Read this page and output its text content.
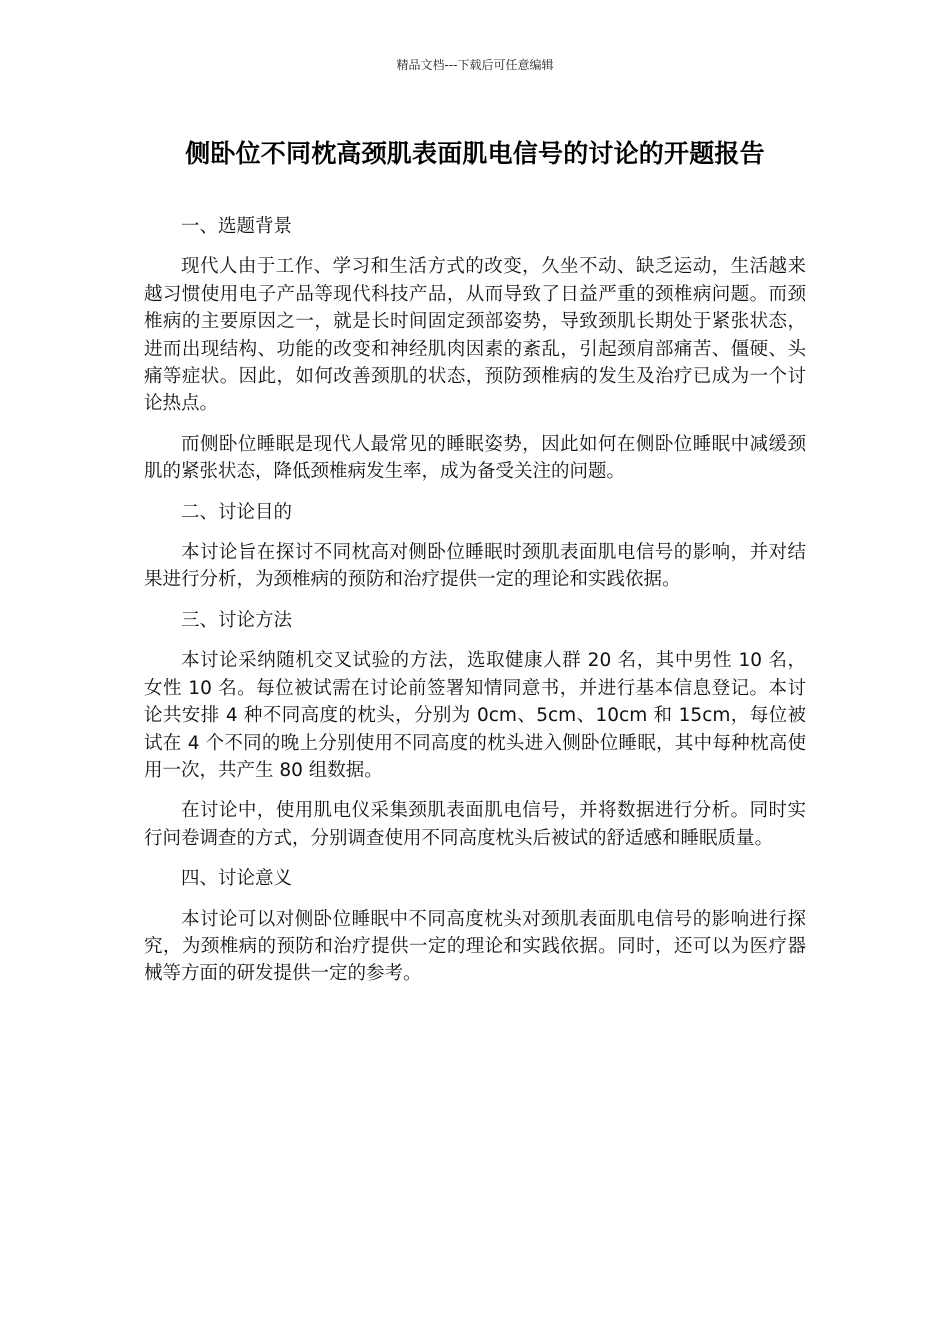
精品文档---下载后可任意编辑
侧卧位不同枕高颈肌表面肌电信号的讨论的开题报告
一、选题背景

现代人由于工作、学习和生活方式的改变，久坐不动、缺乏运动，生活越来越习惯使用电子产品等现代科技产品，从而导致了日益严重的颈椎病问题。而颈椎病的主要原因之一，就是长时间固定颈部姿势，导致颈肌长期处于紧张状态，进而出现结构、功能的改变和神经肌肉因素的紊乱，引起颈肩部痛苦、僵硬、头痛等症状。因此，如何改善颈肌的状态，预防颈椎病的发生及治疗已成为一个讨论热点。

而侧卧位睡眠是现代人最常见的睡眠姿势，因此如何在侧卧位睡眠中减缓颈肌的紧张状态，降低颈椎病发生率，成为备受关注的问题。

二、讨论目的

本讨论旨在探讨不同枕高对侧卧位睡眠时颈肌表面肌电信号的影响，并对结果进行分析，为颈椎病的预防和治疗提供一定的理论和实践依据。

三、讨论方法

本讨论采纳随机交叉试验的方法，选取健康人群 20 名，其中男性 10 名，女性 10 名。每位被试需在讨论前签署知情同意书，并进行基本信息登记。本讨论共安排 4 种不同高度的枕头，分别为 0cm、5cm、10cm 和 15cm，每位被试在 4 个不同的晚上分别使用不同高度的枕头进入侧卧位睡眠，其中每种枕高使用一次，共产生 80 组数据。

在讨论中，使用肌电仪采集颈肌表面肌电信号，并将数据进行分析。同时实行问卷调查的方式，分别调查使用不同高度枕头后被试的舒适感和睡眠质量。

四、讨论意义

本讨论可以对侧卧位睡眠中不同高度枕头对颈肌表面肌电信号的影响进行探究，为颈椎病的预防和治疗提供一定的理论和实践依据。同时，还可以为医疗器械等方面的研发提供一定的参考。
